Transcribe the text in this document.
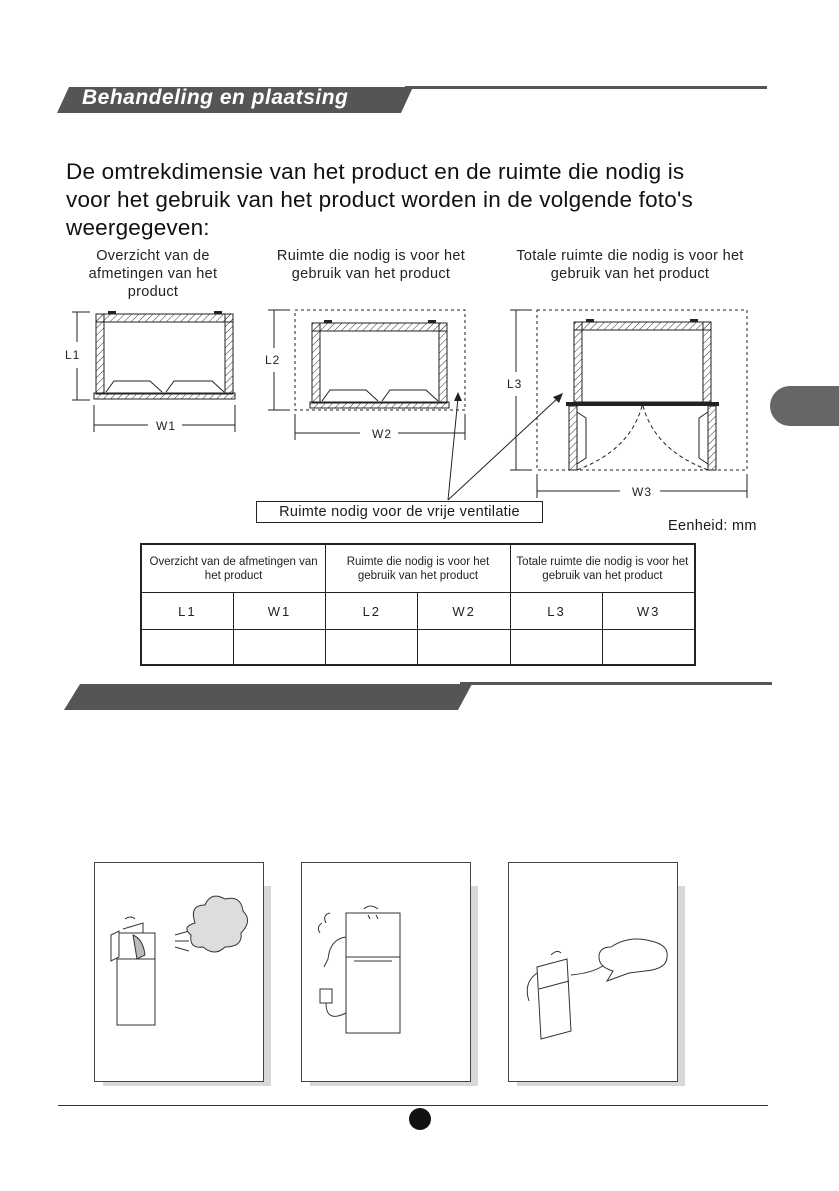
Behandeling en plaatsing
De omtrekdimensie van het product en de ruimte die nodig is voor het gebruik van het product worden in de volgende foto's weergegeven:
Overzicht van de afmetingen van het product
Ruimte die nodig is voor het gebruik van het product
Totale ruimte die nodig is voor het gebruik van het product
L1
W1
L2
W2
L3
W3
Ruimte nodig voor de vrije ventilatie
Eenheid: mm
Overzicht van de afmetingen van het product		Ruimte die nodig is voor het gebruik van het product		Totale ruimte die nodig is voor het gebruik van het product	
L1	W1	L2	W2	L3	W3
